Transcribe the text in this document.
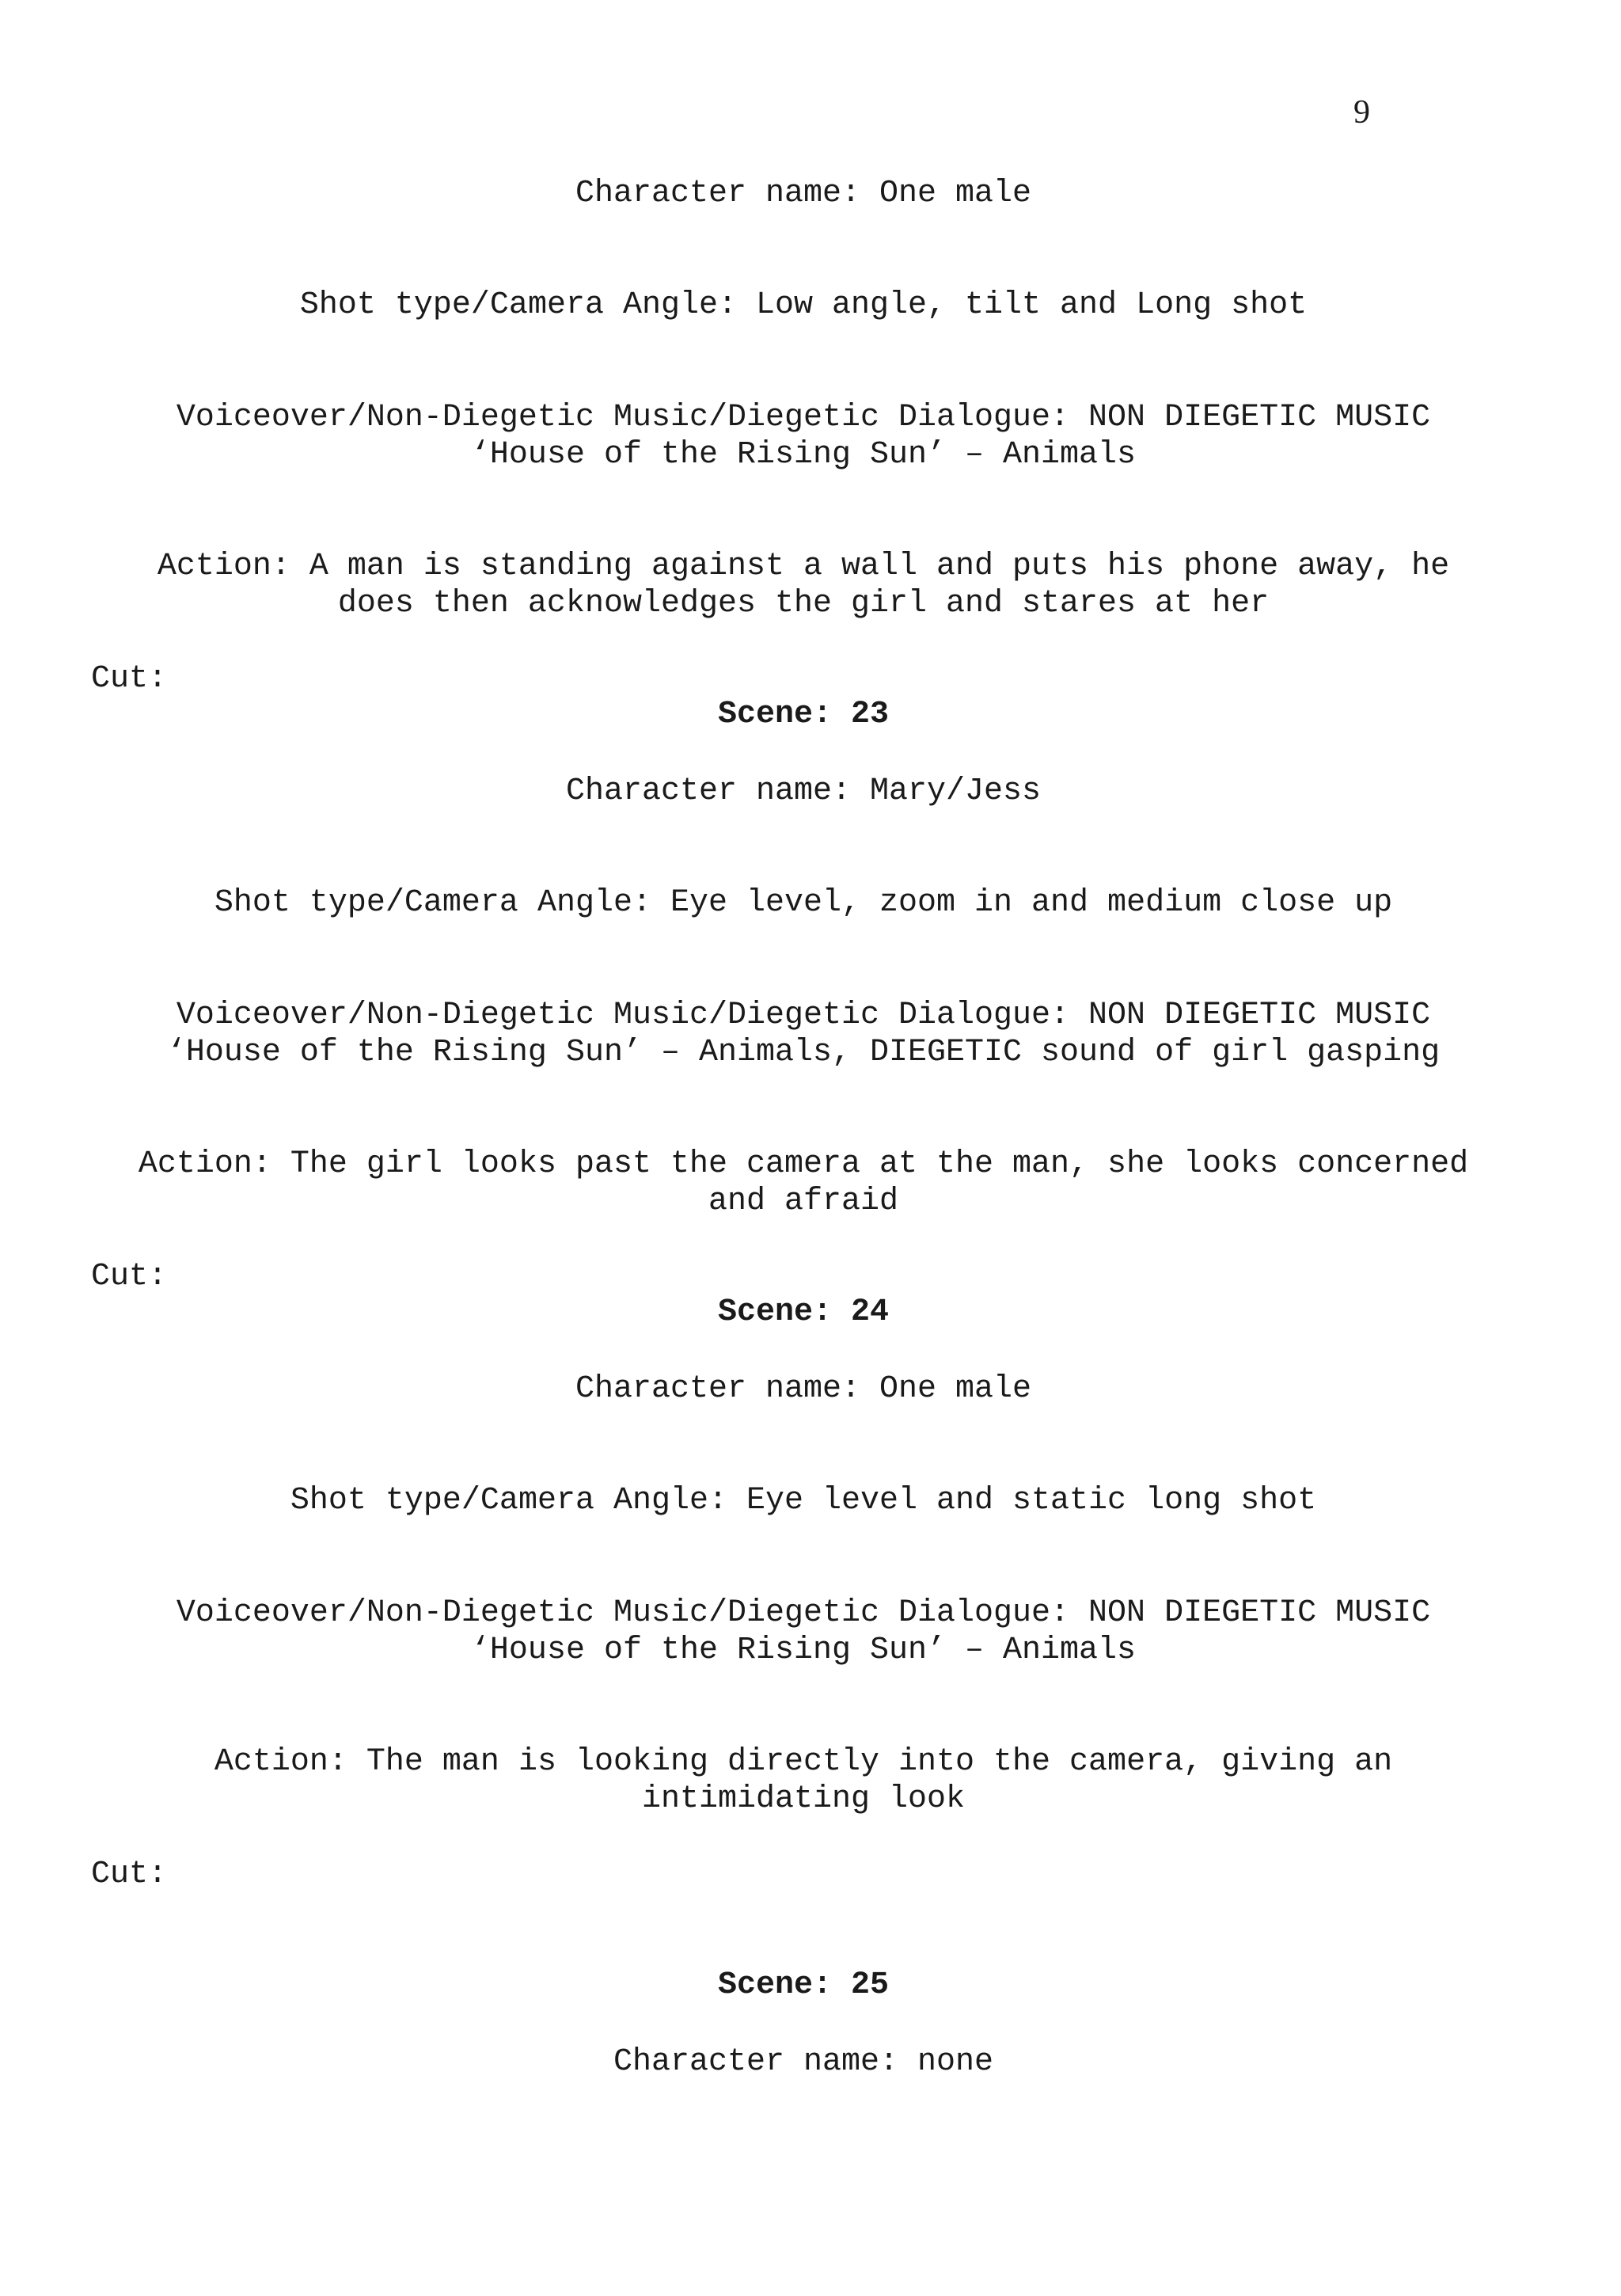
9
Character name: One male
Shot type/Camera Angle: Low angle, tilt and Long shot
Voiceover/Non-Diegetic Music/Diegetic Dialogue: NON DIEGETIC MUSIC
‘House of the Rising Sun’ – Animals
Action: A man is standing against a wall and puts his phone away, he
does then acknowledges the girl and stares at her
Cut:
Scene: 23
Character name: Mary/Jess
Shot type/Camera Angle: Eye level, zoom in and medium close up
Voiceover/Non-Diegetic Music/Diegetic Dialogue: NON DIEGETIC MUSIC
‘House of the Rising Sun’ – Animals, DIEGETIC sound of girl gasping
Action: The girl looks past the camera at the man, she looks concerned
and afraid
Cut:
Scene: 24
Character name: One male
Shot type/Camera Angle: Eye level and static long shot
Voiceover/Non-Diegetic Music/Diegetic Dialogue: NON DIEGETIC MUSIC
‘House of the Rising Sun’ – Animals
Action: The man is looking directly into the camera, giving an
intimidating look
Cut:
Scene: 25
Character name: none
